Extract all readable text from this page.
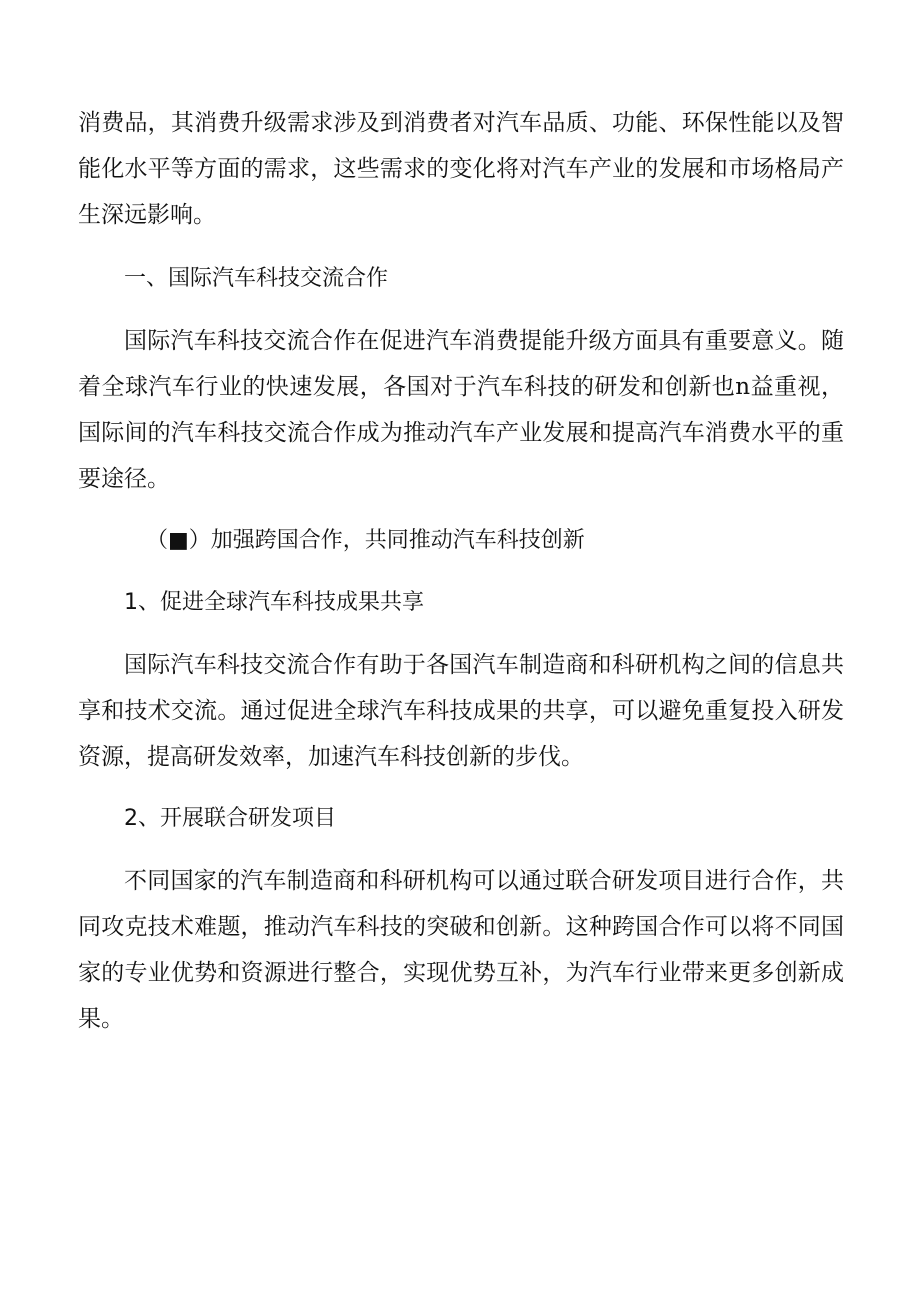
消费品，其消费升级需求涉及到消费者对汽车品质、功能、环保性能以及智能化水平等方面的需求，这些需求的变化将对汽车产业的发展和市场格局产生深远影响。

一、国际汽车科技交流合作

国际汽车科技交流合作在促进汽车消费提能升级方面具有重要意义。随着全球汽车行业的快速发展，各国对于汽车科技的研发和创新也n益重视，国际间的汽车科技交流合作成为推动汽车产业发展和提高汽车消费水平的重要途径。

（■）加强跨国合作，共同推动汽车科技创新

1、促进全球汽车科技成果共享

国际汽车科技交流合作有助于各国汽车制造商和科研机构之间的信息共享和技术交流。通过促进全球汽车科技成果的共享，可以避免重复投入研发资源，提高研发效率，加速汽车科技创新的步伐。

2、开展联合研发项目

不同国家的汽车制造商和科研机构可以通过联合研发项目进行合作，共同攻克技术难题，推动汽车科技的突破和创新。这种跨国合作可以将不同国家的专业优势和资源进行整合，实现优势互补，为汽车行业带来更多创新成果。
